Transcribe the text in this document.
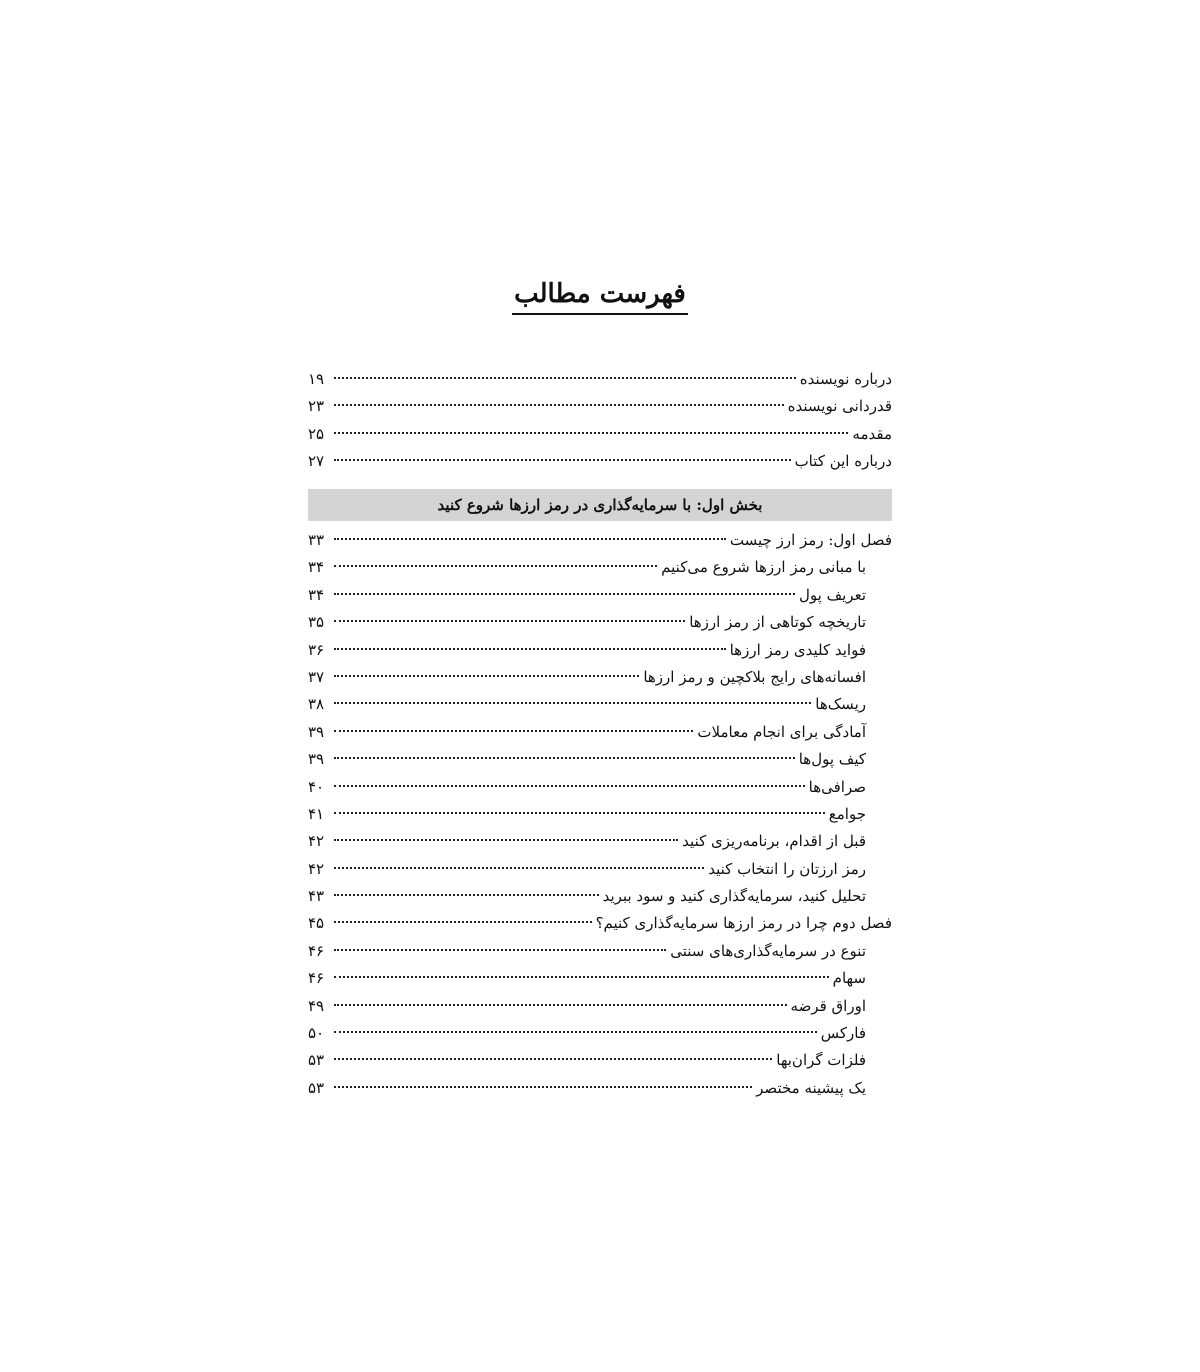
فهرست مطالب
درباره نویسنده
۱۹
قدردانی نویسنده
۲۳
مقدمه
۲۵
درباره این کتاب
۲۷
بخش اول: با سرمایه‌گذاری در رمز ارزها شروع کنید
فصل اول: رمز ارز چیست
۳۳
با مبانی رمز ارزها شروع می‌کنیم
۳۴
تعریف پول
۳۴
تاریخچه کوتاهی از رمز ارزها
۳۵
فواید کلیدی رمز ارزها
۳۶
افسانه‌های رایج بلاکچین و رمز ارزها
۳۷
ریسک‌ها
۳۸
آمادگی برای انجام معاملات
۳۹
کیف پول‌ها
۳۹
صرافی‌ها
۴۰
جوامع
۴۱
قبل از اقدام، برنامه‌ریزی کنید
۴۲
رمز ارزتان را انتخاب کنید
۴۲
تحلیل کنید، سرمایه‌گذاری کنید و سود ببرید
۴۳
فصل دوم چرا در رمز ارزها سرمایه‌گذاری کنیم؟
۴۵
تنوع در سرمایه‌گذاری‌های سنتی
۴۶
سهام
۴۶
اوراق قرضه
۴۹
فارکس
۵۰
فلزات گران‌بها
۵۳
یک پیشینه مختصر
۵۳
